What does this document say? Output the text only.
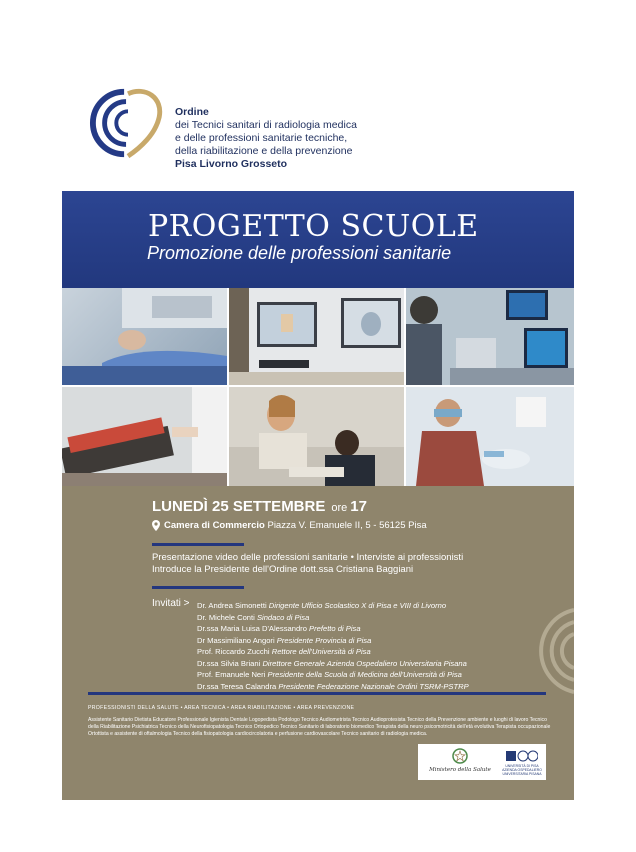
Ordine
dei Tecnici sanitari di radiologia medica
e delle professioni sanitarie tecniche,
della riabilitazione e della prevenzione
Pisa Livorno Grosseto
PROGETTO SCUOLE
Promozione delle professioni sanitarie
LUNEDÌ 25 SETTEMBRE ore 17
Camera di Commercio Piazza V. Emanuele II, 5 - 56125 Pisa
Presentazione video delle professioni sanitarie • Interviste ai professionisti
Introduce la Presidente dell'Ordine dott.ssa Cristiana Baggiani
Invitati > Dr. Andrea Simonetti Dirigente Ufficio Scolastico X di Pisa e VIII di Livorno
Dr. Michele Conti Sindaco di Pisa
Dr.ssa Maria Luisa D'Alessandro Prefetto di Pisa
Dr Massimiliano Angori Presidente Provincia di Pisa
Prof. Riccardo Zucchi Rettore dell'Università di Pisa
Dr.ssa Silvia Briani Direttore Generale Azienda Ospedaliero Universitaria Pisana
Prof. Emanuele Neri Presidente della Scuola di Medicina dell'Università di Pisa
Dr.ssa Teresa Calandra Presidente Federazione Nazionale Ordini TSRM-PSTRP
PROFESSIONISTI DELLA SALUTE • AREA TECNICA • AREA RIABILITAZIONE • AREA PREVENZIONE
Assistente Sanitario Dietista Educatore Professionale Igienista Dentale Logopedista Podologo Tecnico Audiometrista Tecnico Audioprotesista Tecnico della Prevenzione ambiente e luoghi di lavoro Tecnico della Riabilitazione Psichiatrica Tecnico della Neurofisiopatologia Tecnico Ortopedico Tecnico Sanitario di laboratorio biomedico Terapista della neuro psicomotricità dell'età evolutiva Terapista occupazionale Ortottista e assistente di oftalmologia Tecnico della fisiopatologia cardiocircolatoria e perfusione cardiovascolare Tecnico sanitario di radiologia medica.
Ministero della Salute
UNIVERSITÀ DI PISA
AZIENDA OSPEDALIERO UNIVERSITARIA PISANA
